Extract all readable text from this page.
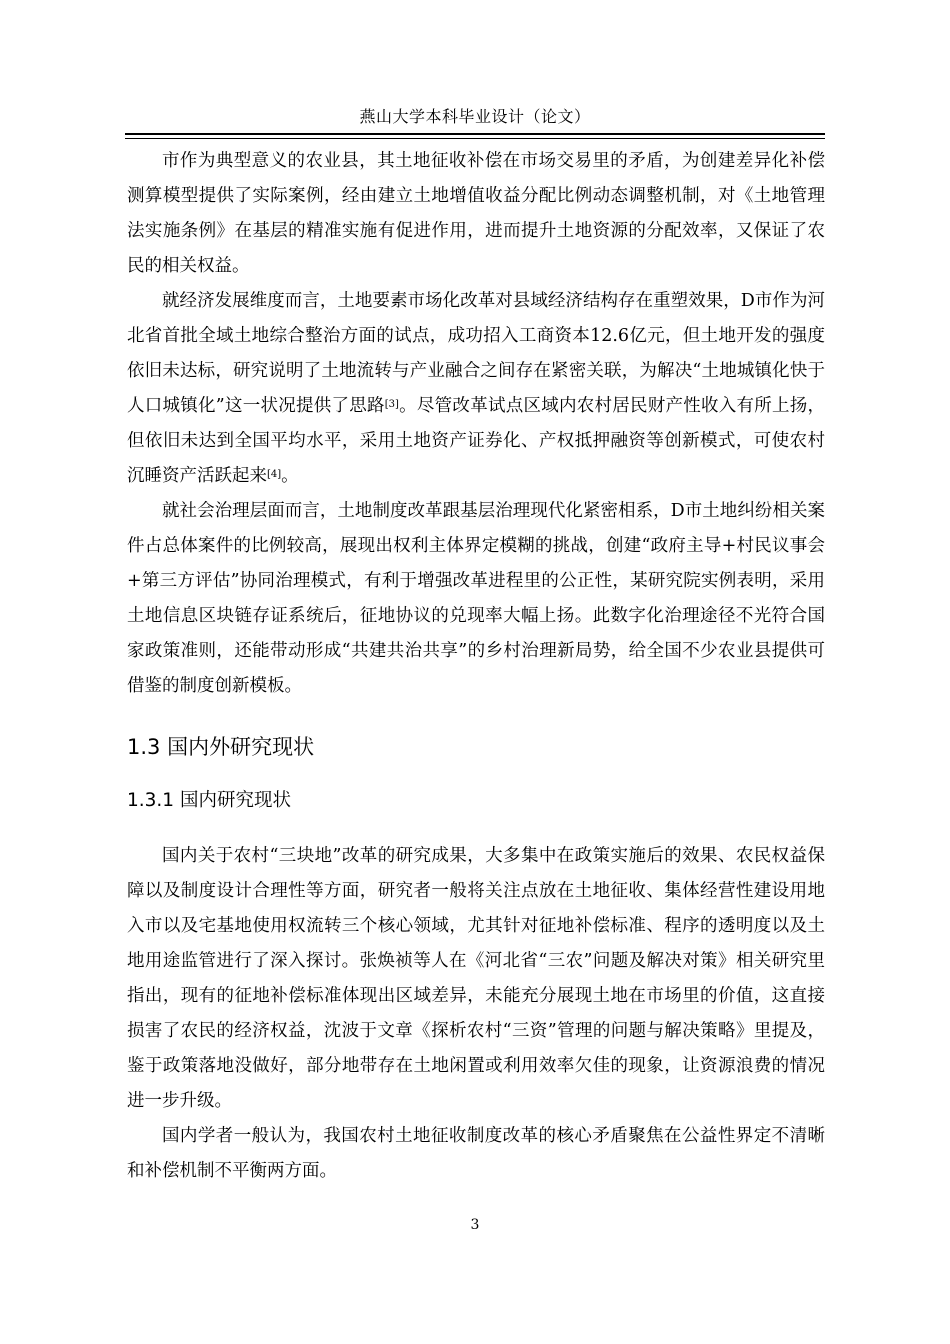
燕山大学本科毕业设计（论文）

市作为典型意义的农业县，其土地征收补偿在市场交易里的矛盾，为创建差异化补偿测算模型提供了实际案例，经由建立土地增值收益分配比例动态调整机制，对《土地管理法实施条例》在基层的精准实施有促进作用，进而提升土地资源的分配效率，又保证了农民的相关权益。

就经济发展维度而言，土地要素市场化改革对县域经济结构存在重塑效果，D市作为河北省首批全域土地综合整治方面的试点，成功招入工商资本12.6亿元，但土地开发的强度依旧未达标，研究说明了土地流转与产业融合之间存在紧密关联，为解决“土地城镇化快于人口城镇化”这一状况提供了思路[3]。尽管改革试点区域内农村居民财产性收入有所上扬，但依旧未达到全国平均水平，采用土地资产证券化、产权抵押融资等创新模式，可使农村沉睡资产活跃起来[4]。

就社会治理层面而言，土地制度改革跟基层治理现代化紧密相系，D市土地纠纷相关案件占总体案件的比例较高，展现出权利主体界定模糊的挑战，创建“政府主导+村民议事会+第三方评估”协同治理模式，有利于增强改革进程里的公正性，某研究院实例表明，采用土地信息区块链存证系统后，征地协议的兑现率大幅上扬。此数字化治理途径不光符合国家政策准则，还能带动形成“共建共治共享”的乡村治理新局势，给全国不少农业县提供可借鉴的制度创新模板。

1.3 国内外研究现状
1.3.1 国内研究现状

国内关于农村“三块地”改革的研究成果，大多集中在政策实施后的效果、农民权益保障以及制度设计合理性等方面，研究者一般将关注点放在土地征收、集体经营性建设用地入市以及宅基地使用权流转三个核心领域，尤其针对征地补偿标准、程序的透明度以及土地用途监管进行了深入探讨。张焕祯等人在《河北省“三农”问题及解决对策》相关研究里指出，现有的征地补偿标准体现出区域差异，未能充分展现土地在市场里的价值，这直接损害了农民的经济权益，沈波于文章《探析农村“三资”管理的问题与解决策略》里提及，鉴于政策落地没做好，部分地带存在土地闲置或利用效率欠佳的现象，让资源浪费的情况进一步升级。

国内学者一般认为，我国农村土地征收制度改革的核心矛盾聚焦在公益性界定不清晰和补偿机制不平衡两方面。

3
